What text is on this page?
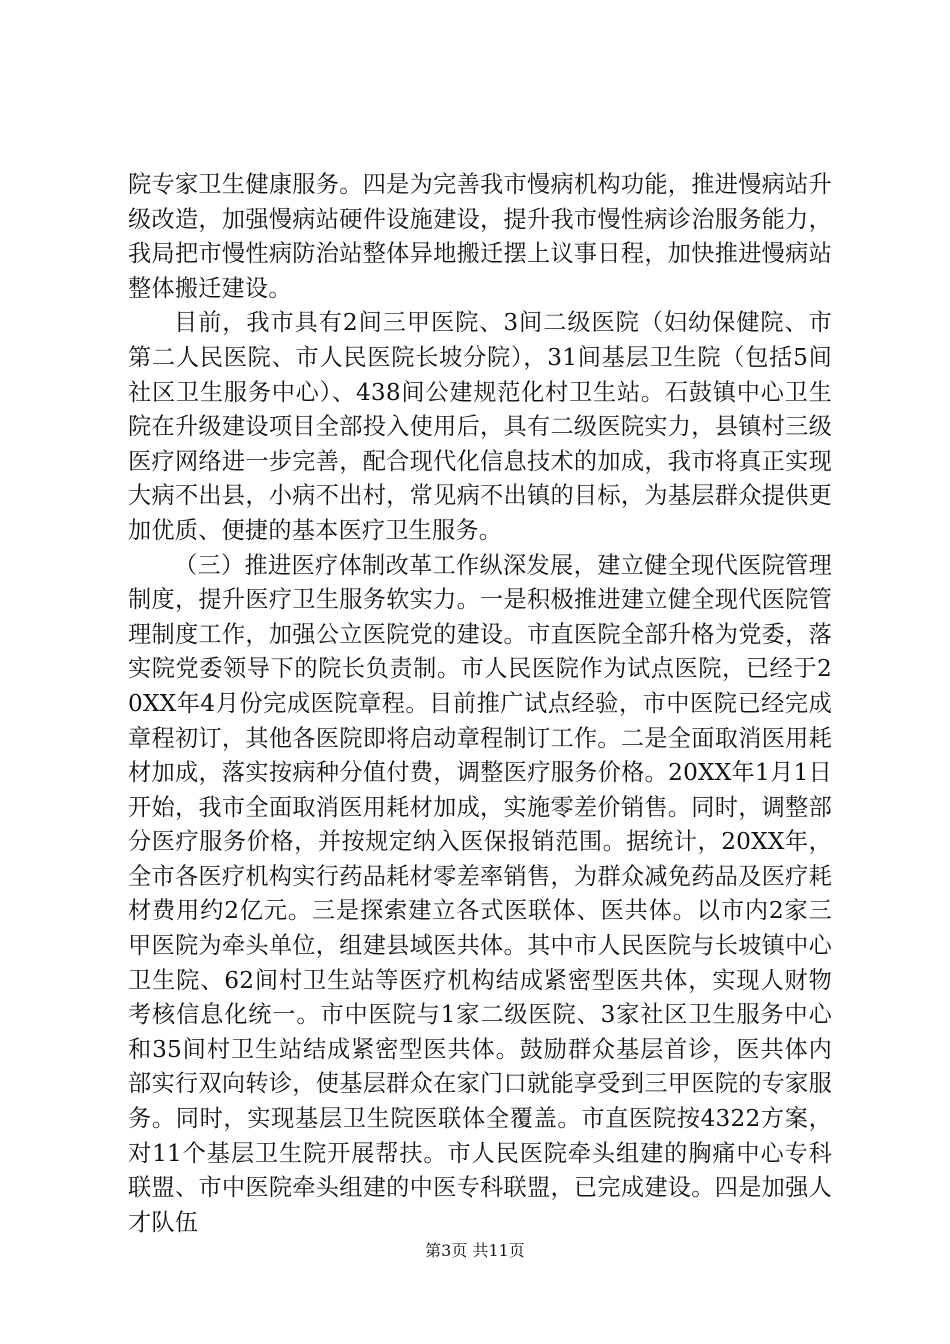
院专家卫生健康服务。四是为完善我市慢病机构功能，推进慢病站升级改造，加强慢病站硬件设施建设，提升我市慢性病诊治服务能力，我局把市慢性病防治站整体异地搬迁摆上议事日程，加快推进慢病站整体搬迁建设。

目前，我市具有2间三甲医院、3间二级医院（妇幼保健院、市第二人民医院、市人民医院长坡分院），31间基层卫生院（包括5间社区卫生服务中心）、438间公建规范化村卫生站。石鼓镇中心卫生院在升级建设项目全部投入使用后，具有二级医院实力，县镇村三级医疗网络进一步完善，配合现代化信息技术的加成，我市将真正实现大病不出县，小病不出村，常见病不出镇的目标，为基层群众提供更加优质、便捷的基本医疗卫生服务。

（三）推进医疗体制改革工作纵深发展，建立健全现代医院管理制度，提升医疗卫生服务软实力。一是积极推进建立健全现代医院管理制度工作，加强公立医院党的建设。市直医院全部升格为党委，落实院党委领导下的院长负责制。市人民医院作为试点医院，已经于20XX年4月份完成医院章程。目前推广试点经验，市中医院已经完成章程初订，其他各医院即将启动章程制订工作。二是全面取消医用耗材加成，落实按病种分值付费，调整医疗服务价格。20XX年1月1日开始，我市全面取消医用耗材加成，实施零差价销售。同时，调整部分医疗服务价格，并按规定纳入医保报销范围。据统计，20XX年，全市各医疗机构实行药品耗材零差率销售，为群众减免药品及医疗耗材费用约2亿元。三是探索建立各式医联体、医共体。以市内2家三甲医院为牵头单位，组建县域医共体。其中市人民医院与长坡镇中心卫生院、62间村卫生站等医疗机构结成紧密型医共体，实现人财物考核信息化统一。市中医院与1家二级医院、3家社区卫生服务中心和35间村卫生站结成紧密型医共体。鼓励群众基层首诊，医共体内部实行双向转诊，使基层群众在家门口就能享受到三甲医院的专家服务。同时，实现基层卫生院医联体全覆盖。市直医院按4322方案，对11个基层卫生院开展帮扶。市人民医院牵头组建的胸痛中心专科联盟、市中医院牵头组建的中医专科联盟，已完成建设。四是加强人才队伍

第3页 共11页
